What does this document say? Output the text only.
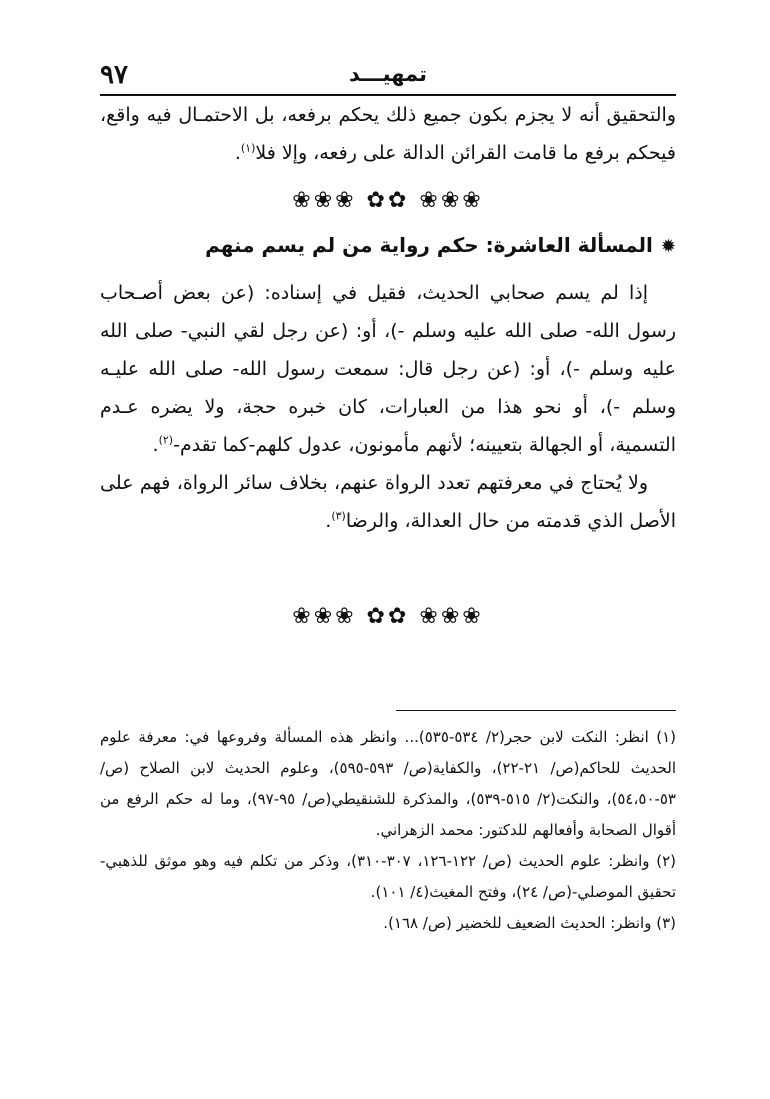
٩٧	تمهيـــد

والتحقيق أنه لا يجزم بكون جميع ذلك يحكم برفعه، بل الاحتمـال فيه واقع، فيحكم برفع ما قامت القرائن الدالة على رفعه، وإلا فلا$^{(١)}$.

❀❀❀ ✿✿ ❀❀❀
✹المسألة العاشرة: حكم رواية من لم يسم منهم

إذا لم يسم صحابي الحديث، فقيل في إسناده: (عن بعض أصـحاب رسول الله- صلى الله عليه وسلم -)، أو: (عن رجل لقي النبي- صلى الله عليه وسلم -)، أو: (عن رجل قال: سمعت رسول الله- صلى الله عليـه وسلم -)، أو نحو هذا من العبارات، كان خبره حجة، ولا يضره عـدم التسمية، أو الجهالة بتعيينه؛ لأنهم مأمونون، عدول كلهم-كما تقدم-$^{(٢)}$.

ولا يُحتاج في معرفتهم تعدد الرواة عنهم، بخلاف سائر الرواة، فهم على الأصل الذي قدمته من حال العدالة، والرضا$^{(٣)}$.

❀❀❀ ✿✿ ❀❀❀

(١) انظر: النكت لابن حجر(٢/ ٥٣٤-٥٣٥)... وانظر هذه المسألة وفروعها في: معرفة علوم الحديث للحاكم(ص/ ٢١-٢٢)، والكفاية(ص/ ٥٩٣-٥٩٥)، وعلوم الحديث لابن الصلاح (ص/ ٥٣-٥٤،٥٠)، والنكت(٢/ ٥١٥-٥٣٩)، والمذكرة للشنقيطي(ص/ ٩٥-٩٧)، وما له حكم الرفع من أقوال الصحابة وأفعالهم للدكتور: محمد الزهراني.

(٢) وانظر: علوم الحديث (ص/ ١٢٢-١٢٦، ٣٠٧-٣١٠)، وذكر من تكلم فيه وهو موثق للذهبي-تحقيق الموصلي-(ص/ ٢٤)، وفتح المغيث(٤/ ١٠١).

(٣) وانظر: الحديث الضعيف للخضير (ص/ ١٦٨).
